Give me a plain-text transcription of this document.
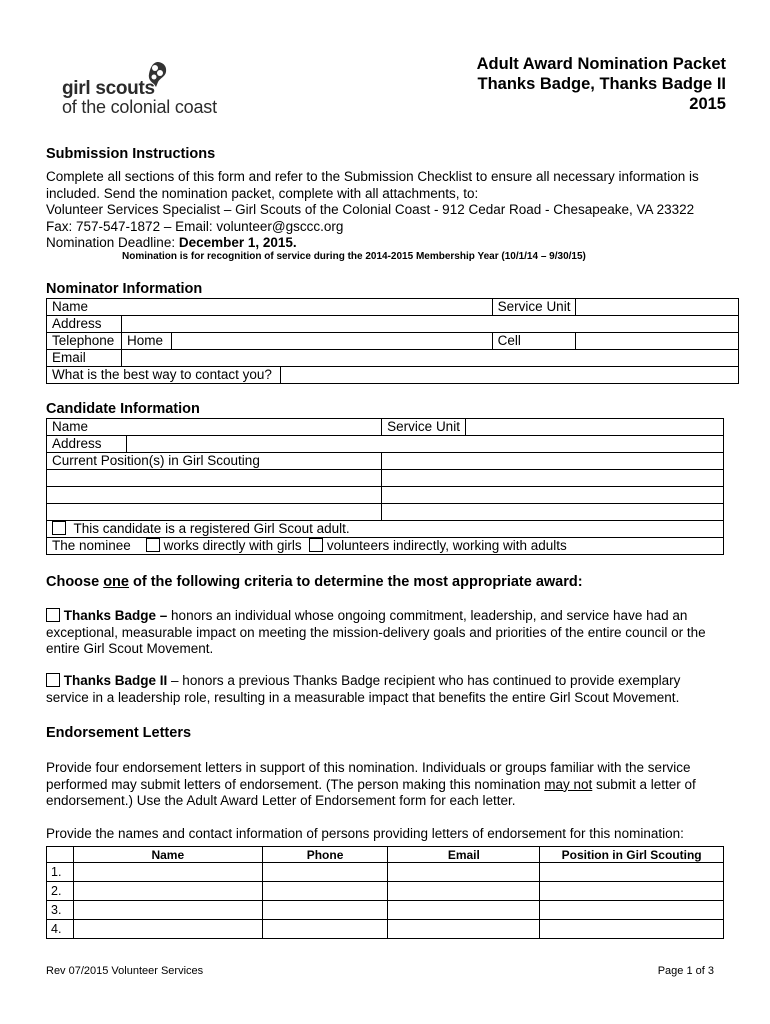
girl scouts
of the colonial coast
Adult Award Nomination Packet
Thanks Badge, Thanks Badge II
2015
Submission Instructions
Complete all sections of this form and refer to the Submission Checklist to ensure all necessary information is
included. Send the nomination packet, complete with all attachments, to:
Volunteer Services Specialist – Girl Scouts of the Colonial Coast - 912 Cedar Road - Chesapeake, VA 23322
Fax: 757-547-1872 – Email: volunteer@gsccc.org
Nomination Deadline: December 1, 2015.
Nomination is for recognition of service during the 2014-2015 Membership Year (10/1/14 – 9/30/15)
Nominator Information
Name				Service Unit	
Address					
Telephone	Home			Cell	
Email					
What is the best way to contact you?					
Candidate Information
Name		Service Unit	
Address			
Current Position(s) in Girl Scouting			

This candidate is a registered Girl Scout adult.			
The nominee works directly with girls volunteers indirectly, working with adults			
Choose one of the following criteria to determine the most appropriate award:
Thanks Badge – honors an individual whose ongoing commitment, leadership, and service have had an
exceptional, measurable impact on meeting the mission-delivery goals and priorities of the entire council or the
entire Girl Scout Movement.
Thanks Badge II – honors a previous Thanks Badge recipient who has continued to provide exemplary
service in a leadership role, resulting in a measurable impact that benefits the entire Girl Scout Movement.
Endorsement Letters
Provide four endorsement letters in support of this nomination. Individuals or groups familiar with the service
performed may submit letters of endorsement. (The person making this nomination may not submit a letter of
endorsement.) Use the Adult Award Letter of Endorsement form for each letter.
Provide the names and contact information of persons providing letters of endorsement for this nomination:
	Name	Phone	Email	Position in Girl Scouting
1.				
2.				
3.				
4.				
Rev 07/2015 Volunteer Services	Page 1 of 3
